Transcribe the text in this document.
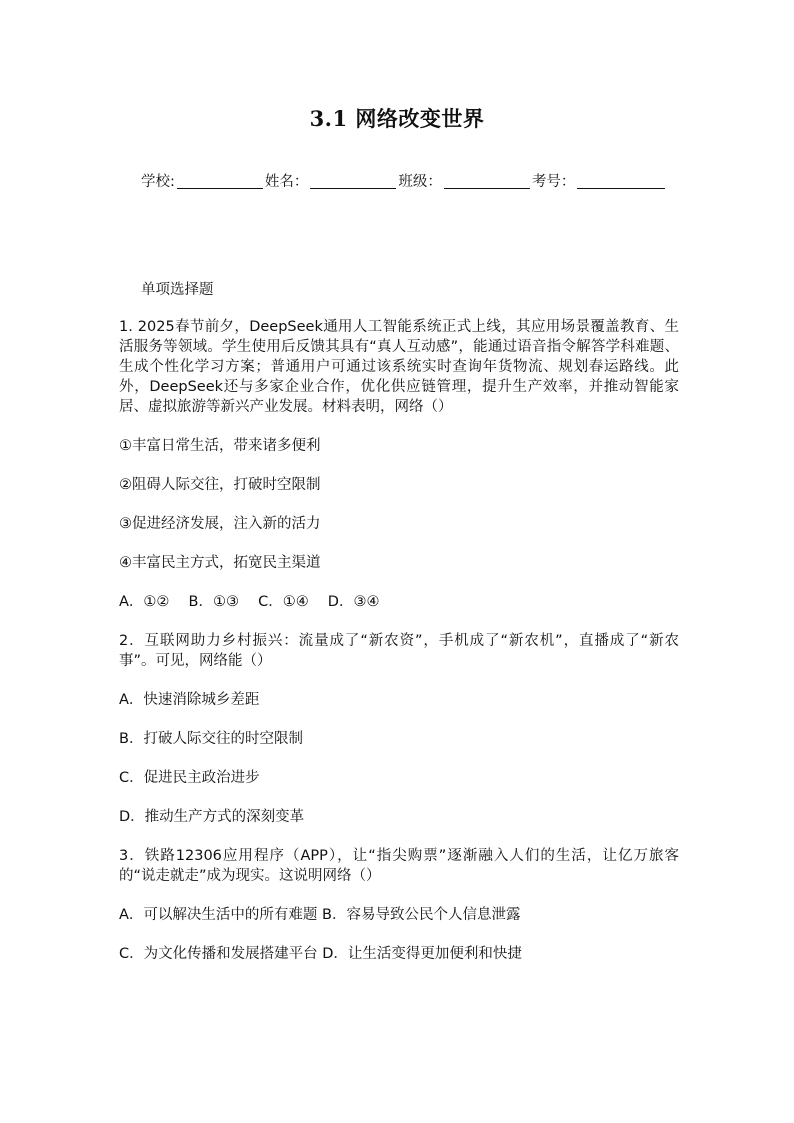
3.1 网络改变世界
学校:	姓名：	班级：	考号：
单项选择题

1. 2025春节前夕，DeepSeek通用人工智能系统正式上线，其应用场景覆盖教育、生活服务等领域。学生使用后反馈其具有“真人互动感”，能通过语音指令解答学科难题、生成个性化学习方案；普通用户可通过该系统实时查询年货物流、规划春运路线。此外，DeepSeek还与多家企业合作，优化供应链管理，提升生产效率，并推动智能家居、虚拟旅游等新兴产业发展。材料表明，网络（）

①丰富日常生活，带来诸多便利

②阻碍人际交往，打破时空限制

③促进经济发展，注入新的活力

④丰富民主方式，拓宽民主渠道

A．①②　 B．①③　 C．①④　 D．③④

2．互联网助力乡村振兴：流量成了“新农资”，手机成了“新农机”，直播成了“新农事”。可见，网络能（）

A．快速消除城乡差距

B．打破人际交往的时空限制

C．促进民主政治进步

D．推动生产方式的深刻变革

3．铁路12306应用程序（APP），让“指尖购票”逐渐融入人们的生活，让亿万旅客的“说走就走”成为现实。这说明网络（）

A．可以解决生活中的所有难题 B．容易导致公民个人信息泄露

C．为文化传播和发展搭建平台 D．让生活变得更加便利和快捷
